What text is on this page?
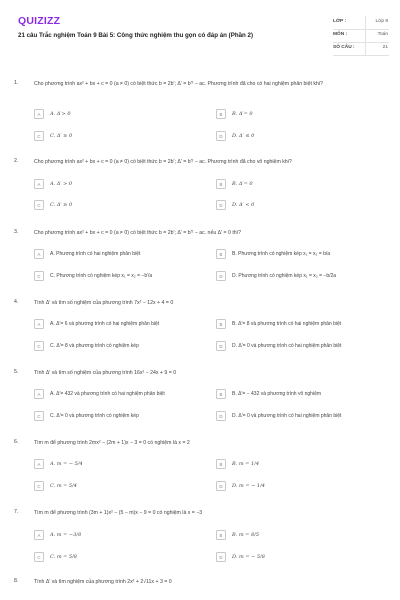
QUIZIZZ
21 câu Trắc nghiệm Toán 9 Bài 5: Công thức nghiệm thu gọn có đáp án (Phần 2)
LỚP :	Lớp 9
MÔN :	Toán
SỐ CÂU :	21
1.	Cho phương trình ax² + bx + c = 0 (a ≠ 0) có biệt thức b = 2b′; Δ′ = b′² − ac. Phương trình đã cho có hai nghiệm phân biệt khi?
A	A. Δ′> 0	B	B. Δ′= 0
C	C. Δ′ ≥ 0	D	D. Δ′ ≤ 0
2.	Cho phương trình ax² + bx + c = 0 (a ≠ 0) có biệt thức b = 2b′; Δ′ = b′² − ac. Phương trình đã cho vô nghiệm khi?
A	A. Δ′ > 0	B	B. Δ′= 0
C	C. Δ′ ≥ 0	D	D. Δ′ < 0
3.	Cho phương trình ax² + bx + c = 0 (a ≠ 0) có biệt thức b = 2b′; Δ′ = b′² − ac. nếu Δ′ = 0 thì?
A	A. Phương trình có hai nghiệm phân biệt	B	B. Phương trình có nghiệm kép x₁ = x₂ = b/a
C	C. Phương trình có nghiệm kép x₁ = x₂ = −b′/a	D	D. Phương trình có nghiệm kép x₁ = x₂ = −b/2a
4.	Tính Δ′ và tìm số nghiệm của phương trình 7x² − 12x + 4 = 0
A	A. Δ′= 6 và phương trình có hai nghiệm phân biệt	B	B. Δ′= 8 và phương trình có hai nghiệm phân biệt
C	C. Δ′= 8 và phương trình có nghiệm kép	D	D. Δ′= 0 và phương trình có hai nghiệm phân biệt
5.	Tính Δ′ và tìm số nghiệm của phương trình 16x² − 24x + 9 = 0
A	A. Δ′= 432 và phương trình có hai nghiệm phân biệt	B	B. Δ′= − 432 và phương trình vô nghiệm
C	C. Δ′= 0 và phương trình có nghiệm kép	D	D. Δ′= 0 và phương trình có hai nghiệm phân biệt
6.	Tìm m để phương trình 2mx² − (2m + 1)x − 3 = 0 có nghiệm là x = 2
A	A. m = − 5/4	B	B. m = 1/4
C	C. m = 5/4	D	D. m = − 1/4
7.	Tìm m để phương trình (3m + 1)x² − (5 − m)x − 9 = 0 có nghiệm là x = −3
A	A. m = −3/8	B	B. m = 8/5
C	C. m = 5/8	D	D. m = − 5/8
8.	Tính Δ′ và tìm nghiệm của phương trình 2x² + 2√11x + 3 = 0
